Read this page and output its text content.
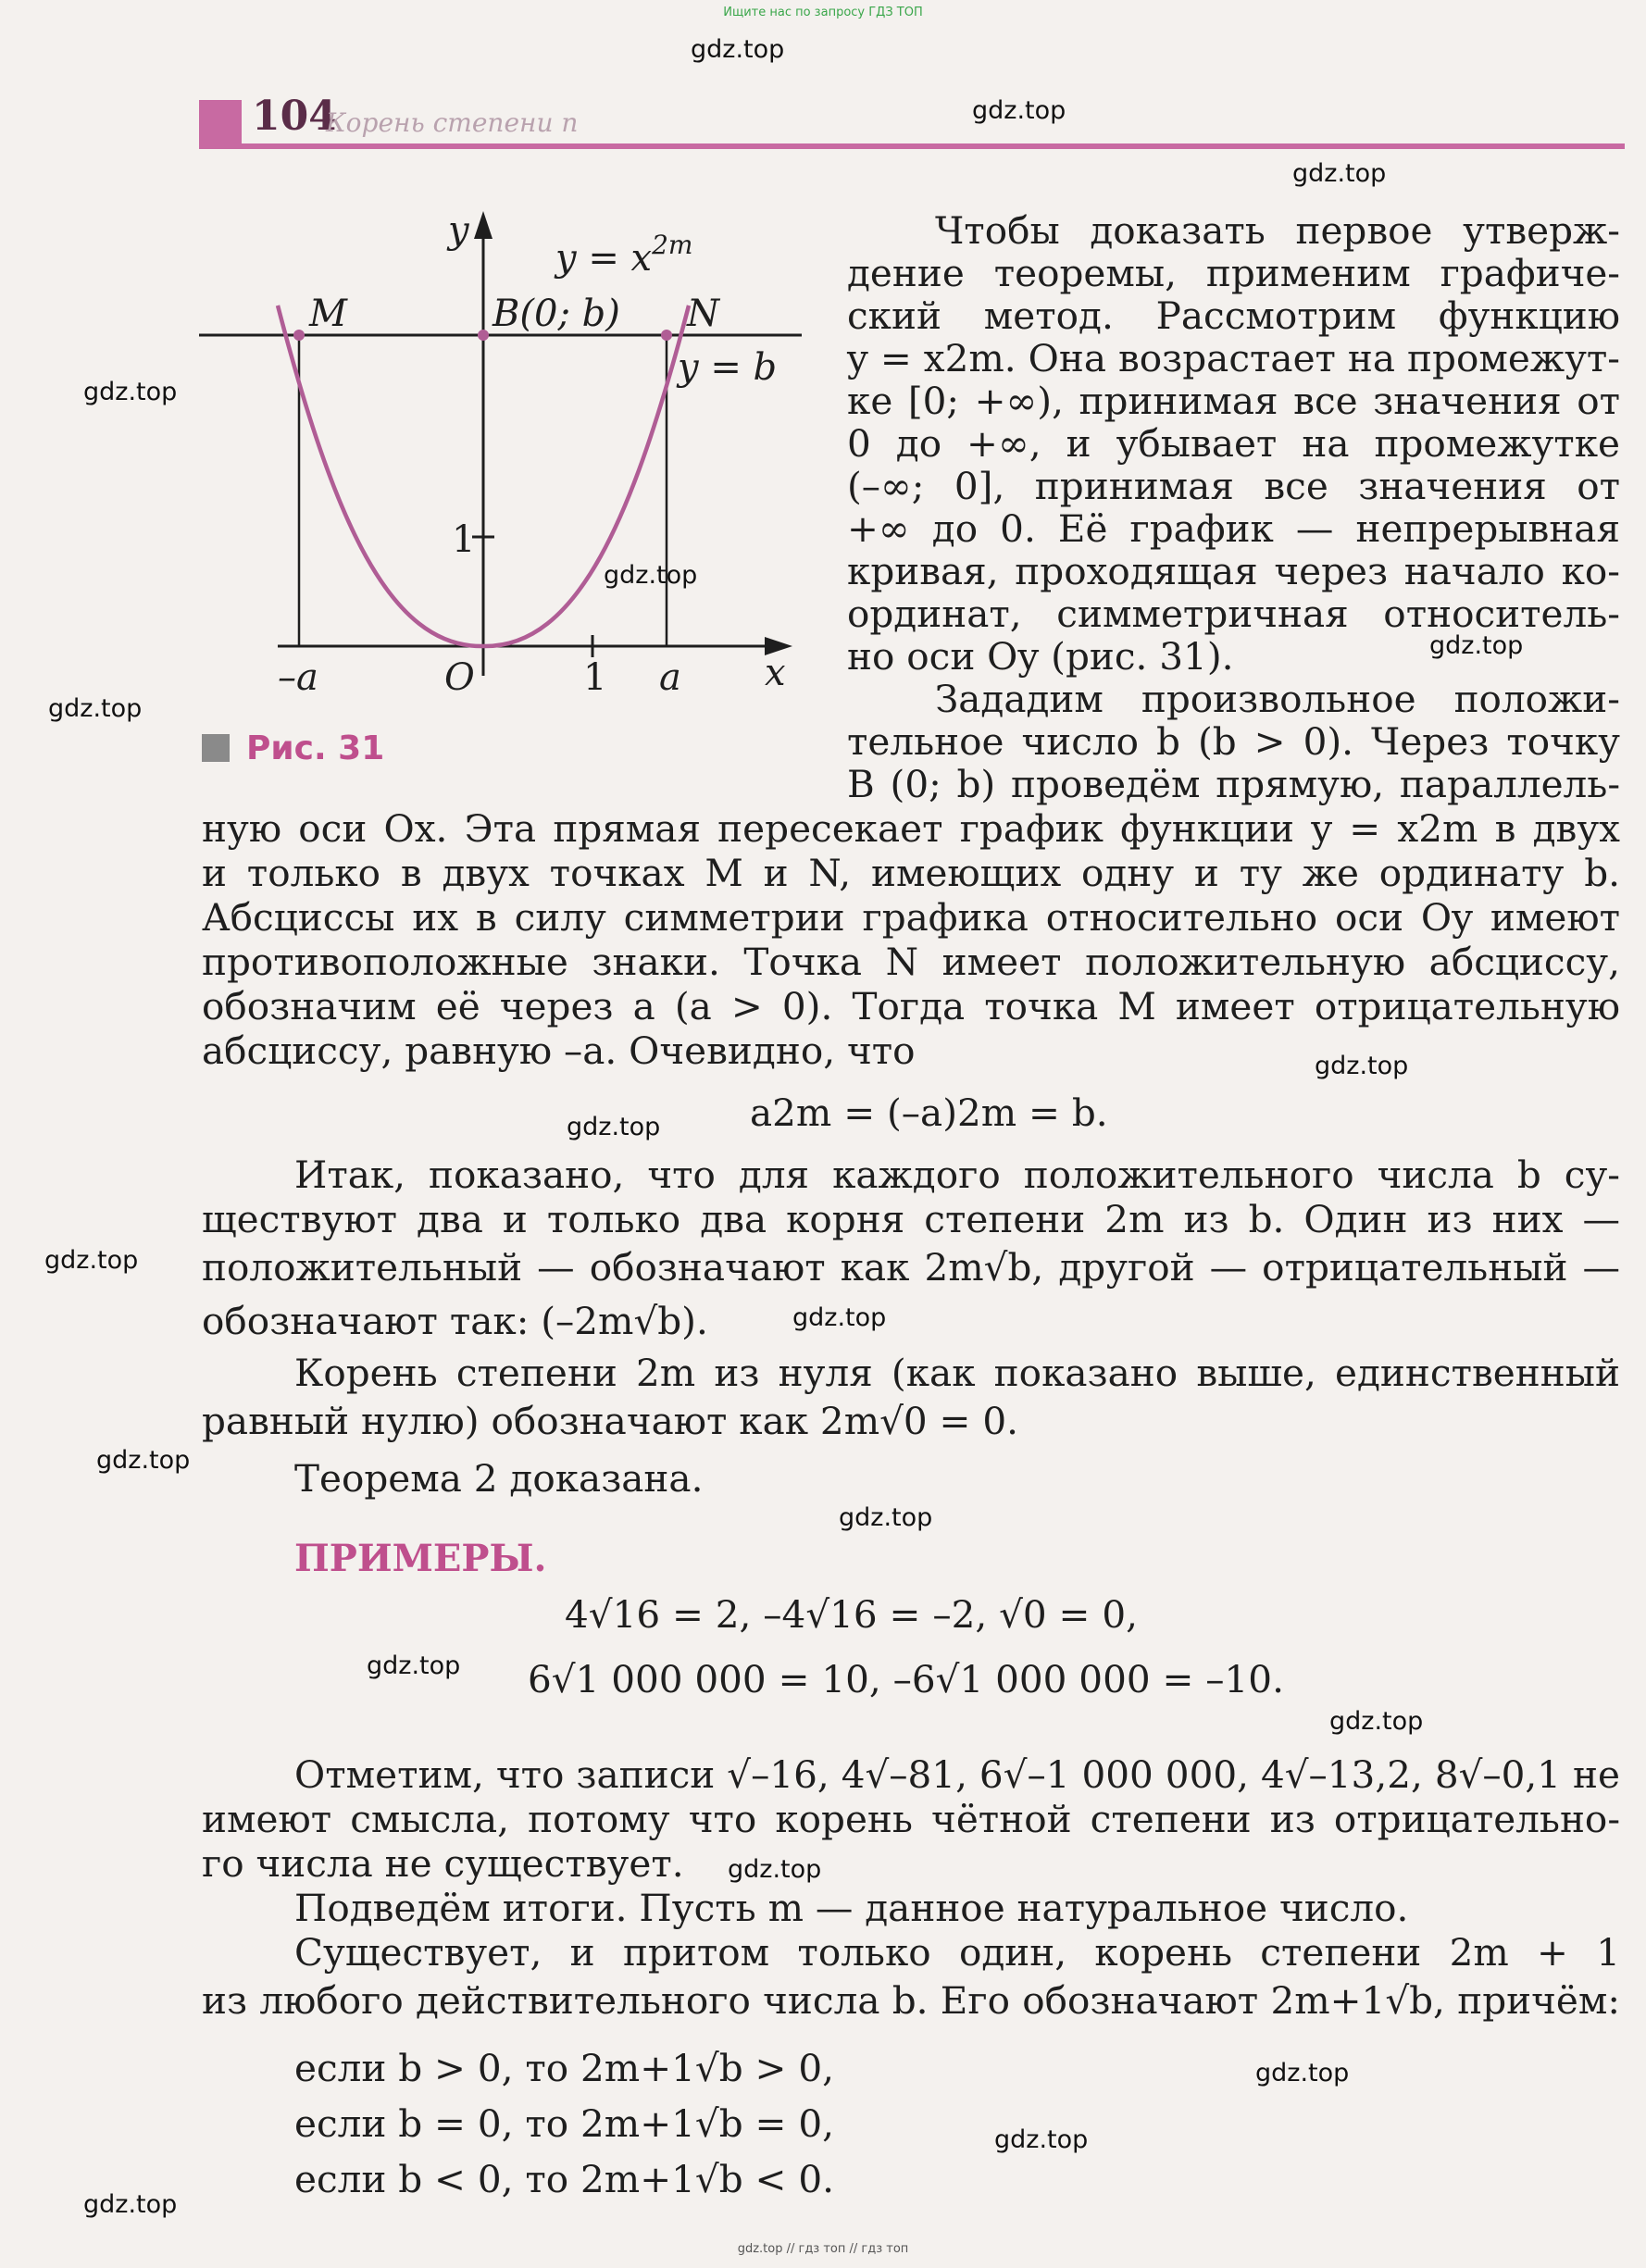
Ищите нас по запросу ГДЗ ТОП
104
Корень степени n
y
$y = x^{2m}$
M	B(0; b) N
y = b
1
–a	O	1 a x
Рис. 31
Чтобы доказать первое утверж-
дение теоремы, применим графиче-
ский метод. Рассмотрим функцию
y = x2m. Она возрастает на промежут-
ке [0; +∞), принимая все значения от
0 до +∞, и убывает на промежутке
(–∞; 0], принимая все значения от
+∞ до 0. Её график — непрерывная
кривая, проходящая через начало ко-
ординат, симметричная относитель-
но оси Oy (рис. 31).
Зададим произвольное положи-
тельное число b (b > 0). Через точку
B (0; b) проведём прямую, параллель-
ную оси Ox. Эта прямая пересекает график функции y = x2m в двух
и только в двух точках M и N, имеющих одну и ту же ординату b.
Абсциссы их в силу симметрии графика относительно оси Oy имеют
противоположные знаки. Точка N имеет положительную абсциссу,
обозначим её через a (a > 0). Тогда точка M имеет отрицательную
абсциссу, равную –a. Очевидно, что
a2m = (–a)2m = b.
Итак, показано, что для каждого положительного числа b су-
ществуют два и только два корня степени 2m из b. Один из них —
положительный — обозначают как 2m√b, другой — отрицательный —
обозначают так: (–2m√b).
Корень степени 2m из нуля (как показано выше, единственный
равный нулю) обозначают как 2m√0 = 0.
Теорема 2 доказана.
ПРИМЕРЫ.
4√16 = 2, –4√16 = –2, √0 = 0,
6√1 000 000 = 10, –6√1 000 000 = –10.
Отметим, что записи √–16, 4√–81, 6√–1 000 000, 4√–13,2, 8√–0,1 не
имеют смысла, потому что корень чётной степени из отрицательно-
го числа не существует.
Подведём итоги. Пусть m — данное натуральное число.
Существует, и притом только один, корень степени 2m + 1
из любого действительного числа b. Его обозначают 2m+1√b, причём:
если b > 0, то 2m+1√b > 0,
если b = 0, то 2m+1√b = 0,
если b < 0, то 2m+1√b < 0.
gdz.top
gdz.top
gdz.top
gdz.top
gdz.top
gdz.top
gdz.top
gdz.top
gdz.top
gdz.top
gdz.top
gdz.top
gdz.top
gdz.top
gdz.top
gdz.top
gdz.top
gdz.top
gdz.top
gdz.top // гдз топ // гдз топ
